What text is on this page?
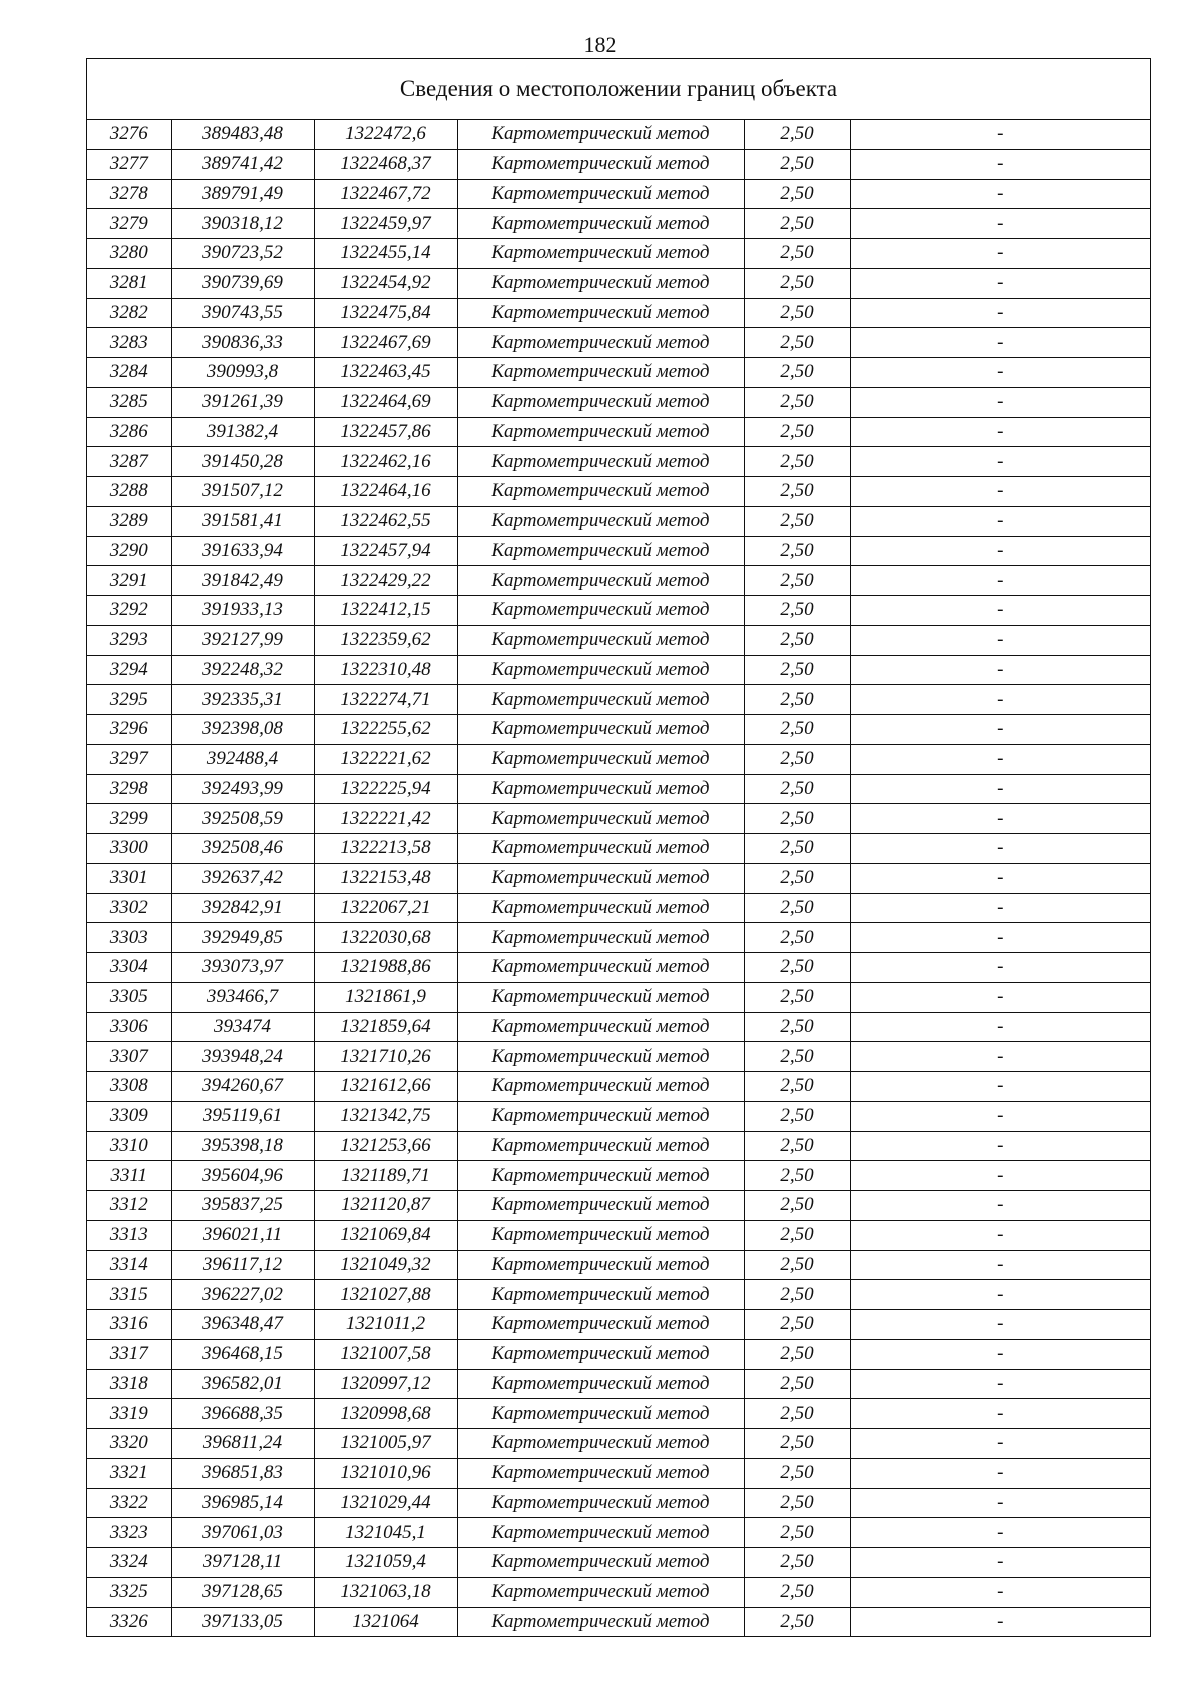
182
Сведения о местоположении границ объекта
3276	389483,48	1322472,6	Картометрический метод	2,50	-
3277	389741,42	1322468,37	Картометрический метод	2,50	-
3278	389791,49	1322467,72	Картометрический метод	2,50	-
3279	390318,12	1322459,97	Картометрический метод	2,50	-
3280	390723,52	1322455,14	Картометрический метод	2,50	-
3281	390739,69	1322454,92	Картометрический метод	2,50	-
3282	390743,55	1322475,84	Картометрический метод	2,50	-
3283	390836,33	1322467,69	Картометрический метод	2,50	-
3284	390993,8	1322463,45	Картометрический метод	2,50	-
3285	391261,39	1322464,69	Картометрический метод	2,50	-
3286	391382,4	1322457,86	Картометрический метод	2,50	-
3287	391450,28	1322462,16	Картометрический метод	2,50	-
3288	391507,12	1322464,16	Картометрический метод	2,50	-
3289	391581,41	1322462,55	Картометрический метод	2,50	-
3290	391633,94	1322457,94	Картометрический метод	2,50	-
3291	391842,49	1322429,22	Картометрический метод	2,50	-
3292	391933,13	1322412,15	Картометрический метод	2,50	-
3293	392127,99	1322359,62	Картометрический метод	2,50	-
3294	392248,32	1322310,48	Картометрический метод	2,50	-
3295	392335,31	1322274,71	Картометрический метод	2,50	-
3296	392398,08	1322255,62	Картометрический метод	2,50	-
3297	392488,4	1322221,62	Картометрический метод	2,50	-
3298	392493,99	1322225,94	Картометрический метод	2,50	-
3299	392508,59	1322221,42	Картометрический метод	2,50	-
3300	392508,46	1322213,58	Картометрический метод	2,50	-
3301	392637,42	1322153,48	Картометрический метод	2,50	-
3302	392842,91	1322067,21	Картометрический метод	2,50	-
3303	392949,85	1322030,68	Картометрический метод	2,50	-
3304	393073,97	1321988,86	Картометрический метод	2,50	-
3305	393466,7	1321861,9	Картометрический метод	2,50	-
3306	393474	1321859,64	Картометрический метод	2,50	-
3307	393948,24	1321710,26	Картометрический метод	2,50	-
3308	394260,67	1321612,66	Картометрический метод	2,50	-
3309	395119,61	1321342,75	Картометрический метод	2,50	-
3310	395398,18	1321253,66	Картометрический метод	2,50	-
3311	395604,96	1321189,71	Картометрический метод	2,50	-
3312	395837,25	1321120,87	Картометрический метод	2,50	-
3313	396021,11	1321069,84	Картометрический метод	2,50	-
3314	396117,12	1321049,32	Картометрический метод	2,50	-
3315	396227,02	1321027,88	Картометрический метод	2,50	-
3316	396348,47	1321011,2	Картометрический метод	2,50	-
3317	396468,15	1321007,58	Картометрический метод	2,50	-
3318	396582,01	1320997,12	Картометрический метод	2,50	-
3319	396688,35	1320998,68	Картометрический метод	2,50	-
3320	396811,24	1321005,97	Картометрический метод	2,50	-
3321	396851,83	1321010,96	Картометрический метод	2,50	-
3322	396985,14	1321029,44	Картометрический метод	2,50	-
3323	397061,03	1321045,1	Картометрический метод	2,50	-
3324	397128,11	1321059,4	Картометрический метод	2,50	-
3325	397128,65	1321063,18	Картометрический метод	2,50	-
3326	397133,05	1321064	Картометрический метод	2,50	-
